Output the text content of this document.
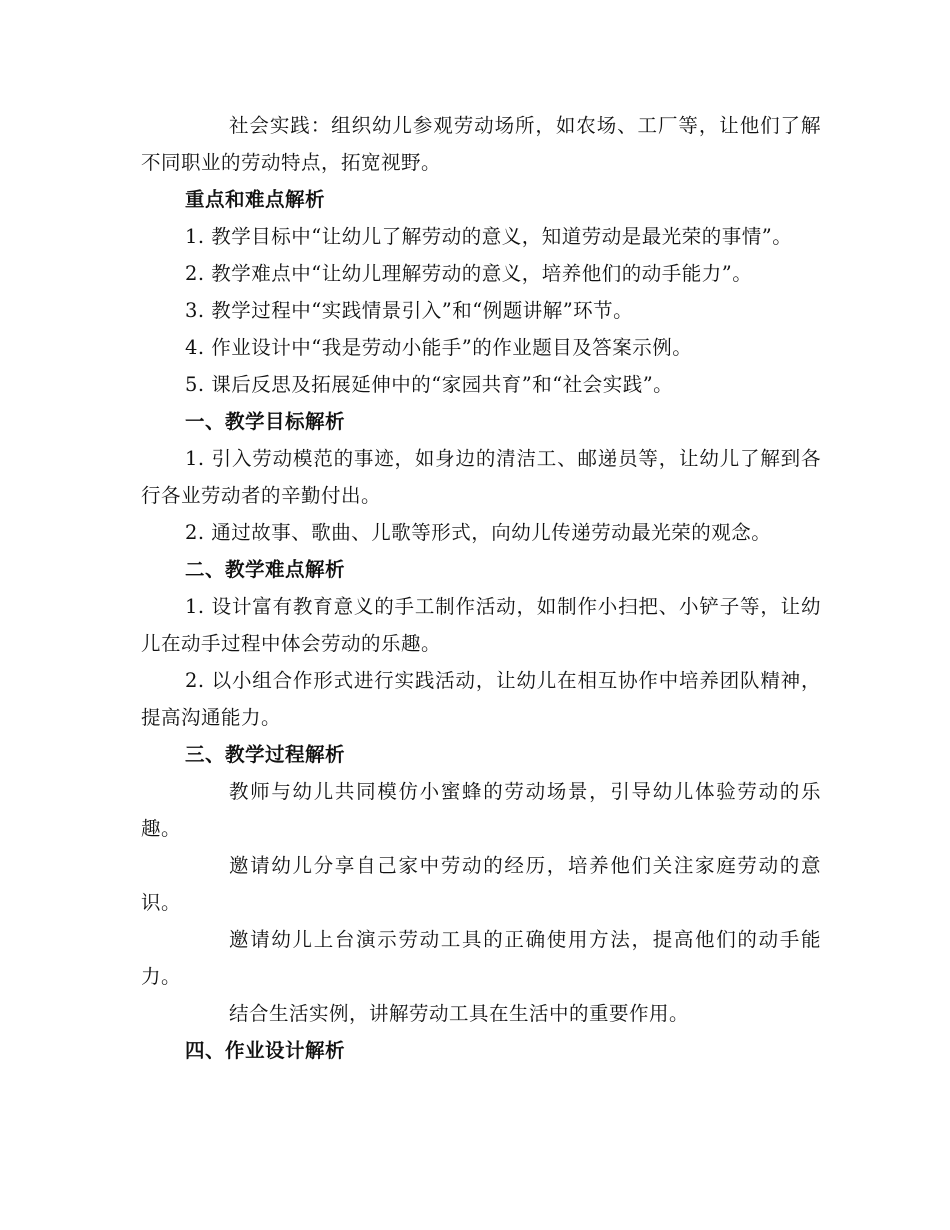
社会实践：组织幼儿参观劳动场所，如农场、工厂等，让他们了解不同职业的劳动特点，拓宽视野。

重点和难点解析

1. 教学目标中“让幼儿了解劳动的意义，知道劳动是最光荣的事情”。

2. 教学难点中“让幼儿理解劳动的意义，培养他们的动手能力”。

3. 教学过程中“实践情景引入”和“例题讲解”环节。

4. 作业设计中“我是劳动小能手”的作业题目及答案示例。

5. 课后反思及拓展延伸中的“家园共育”和“社会实践”。

一、教学目标解析

1. 引入劳动模范的事迹，如身边的清洁工、邮递员等，让幼儿了解到各行各业劳动者的辛勤付出。

2. 通过故事、歌曲、儿歌等形式，向幼儿传递劳动最光荣的观念。

二、教学难点解析

1. 设计富有教育意义的手工制作活动，如制作小扫把、小铲子等，让幼儿在动手过程中体会劳动的乐趣。

2. 以小组合作形式进行实践活动，让幼儿在相互协作中培养团队精神，提高沟通能力。

三、教学过程解析

教师与幼儿共同模仿小蜜蜂的劳动场景，引导幼儿体验劳动的乐趣。

邀请幼儿分享自己家中劳动的经历，培养他们关注家庭劳动的意识。

邀请幼儿上台演示劳动工具的正确使用方法，提高他们的动手能力。

结合生活实例，讲解劳动工具在生活中的重要作用。

四、作业设计解析
